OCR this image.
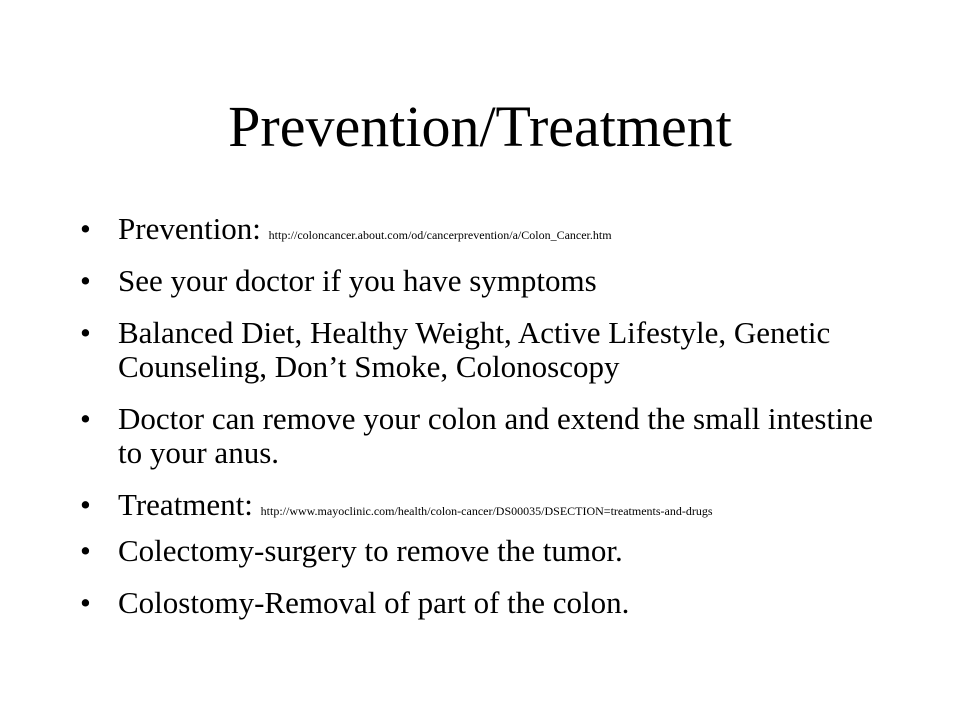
Prevention/Treatment
• Prevention: http://coloncancer.about.com/od/cancerprevention/a/Colon_Cancer.htm
• See your doctor if you have symptoms
• Balanced Diet, Healthy Weight, Active Lifestyle, Genetic Counseling, Don’t Smoke, Colonoscopy
• Doctor can remove your colon and extend the small intestine to your anus.
• Treatment: http://www.mayoclinic.com/health/colon-cancer/DS00035/DSECTION=treatments-and-drugs
• Colectomy-surgery to remove the tumor.
• Colostomy-Removal of part of the colon.
